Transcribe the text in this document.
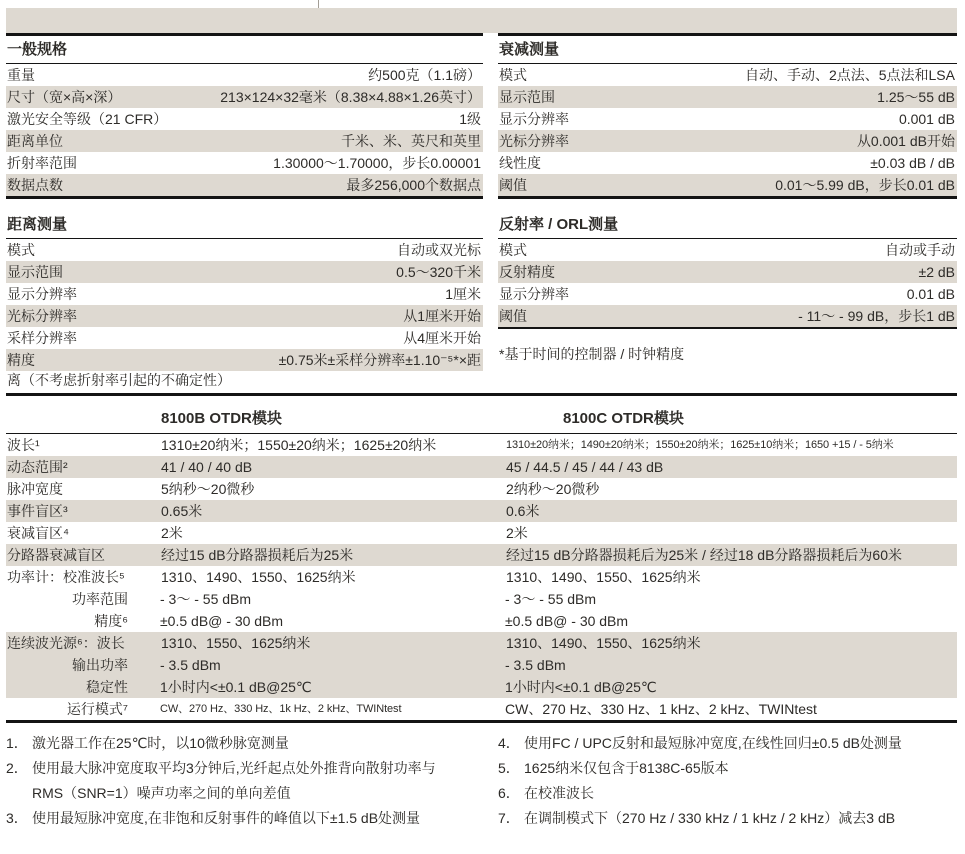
一般规格
重量	约500克（1.1磅）
尺寸（宽×高×深）	213×124×32毫米（8.38×4.88×1.26英寸）
激光安全等级（21 CFR）	1级
距离单位	千米、米、英尺和英里
折射率范围	1.30000～1.70000，步长0.00001
数据点数	最多256,000个数据点
距离测量
模式	自动或双光标
显示范围	0.5～320千米
显示分辨率	1厘米
光标分辨率	从1厘米开始
采样分辨率	从4厘米开始
精度	±0.75米±采样分辨率±1.10⁻⁵*×距
离（不考虑折射率引起的不确定性）
衰减测量
模式	自动、手动、2点法、5点法和LSA
显示范围	1.25～55 dB
显示分辨率	0.001 dB
光标分辨率	从0.001 dB开始
线性度	±0.03 dB / dB
阈值	0.01～5.99 dB，步长0.01 dB
反射率 / ORL测量
模式	自动或手动
反射精度	±2 dB
显示分辨率	0.01 dB
阈值	- 11～ - 99 dB，步长1 dB
*基于时间的控制器 / 时钟精度
8100B OTDR模块	8100C OTDR模块
波长¹	1310±20纳米；1550±20纳米；1625±20纳米	1310±20纳米；1490±20纳米；1550±20纳米；1625±10纳米；1650 +15 / - 5纳米
动态范围²	41 / 40 / 40 dB	45 / 44.5 / 45 / 44 / 43 dB
脉冲宽度	5纳秒～20微秒	2纳秒～20微秒
事件盲区³	0.65米	0.6米
衰减盲区⁴	2米	2米
分路器衰减盲区	经过15 dB分路器损耗后为25米	经过15 dB分路器损耗后为25米 / 经过18 dB分路器损耗后为60米
功率计：校准波长⁵	1310、1490、1550、1625纳米	1310、1490、1550、1625纳米
功率范围	- 3～ - 55 dBm	- 3～ - 55 dBm
精度⁶	±0.5 dB@ - 30 dBm	±0.5 dB@ - 30 dBm
连续波光源⁶：波长	1310、1550、1625纳米	1310、1490、1550、1625纳米
输出功率	- 3.5 dBm	- 3.5 dBm
稳定性	1小时内<±0.1 dB@25℃	1小时内<±0.1 dB@25℃
运行模式⁷	CW、270 Hz、330 Hz、1k Hz、2 kHz、TWINtest	CW、270 Hz、330 Hz、1 kHz、2 kHz、TWINtest
1． 激光器工作在25℃时，以10微秒脉宽测量
2． 使用最大脉冲宽度取平均3分钟后,光纤起点处外推背向散射功率与RMS（SNR=1）噪声功率之间的单向差值
3． 使用最短脉冲宽度,在非饱和反射事件的峰值以下±1.5 dB处测量
4． 使用FC / UPC反射和最短脉冲宽度,在线性回归±0.5 dB处测量
5． 1625纳米仅包含于8138C-65版本
6． 在校准波长
7． 在调制模式下（270 Hz / 330 kHz / 1 kHz / 2 kHz）减去3 dB
